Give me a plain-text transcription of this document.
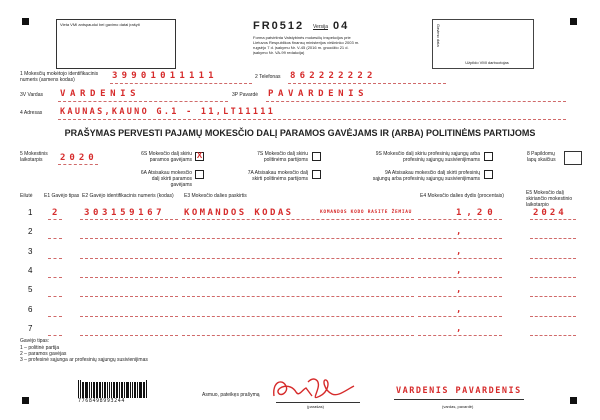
Vieta VMI antspaudui bei gavimo datai įrašyti	FR0512 Versija 04
Forma patvirtinta Valstybinės mokesčių inspekcijos prie Lietuvos Respublikos finansų ministerijos viršininko 2003 m. rugsėjo 7 d. įsakymu Nr. V-45 (2016 m. gruodžio 21 d. įsakymo Nr. VA-99 redakcija)
Gavimo data
Užpildo VMI darbuotojas
1 Mokesčių mokėtojo identifikacinis numeris (asmens kodas)	39901011111	2 Telefonas 862222222
3V Vardas VARDENIS	3P Pavardė PAVARDENIS
4 Adresas KAUNAS,KAUNO G.1 - 11,LT11111
PRAŠYMAS PERVESTI PAJAMŲ MOKESČIO DALĮ PARAMOS GAVĖJAMS IR (ARBA) POLITINĖMS PARTIJOMS
5 Mokestinis laikotarpis	2020	6S Mokesčio dalį skiriu paramos gavėjams X
6A Atsisakau mokesčio dalį skirti paramos gavėjams
7S Mokesčio dalį skiriu politinėms partijoms
7A Atsisakau mokesčio dalį skirti politinėms partijoms
9S Mokesčio dalį skiriu profesinių sąjungų arba profesinių sąjungų susivienijimams
9A Atsisakau mokesčio dalį skirti profesinių sąjungų arba profesinių sąjungų susivienijimams
8 Papildomų lapų skaičius
Eilutė E1 Gavėjo tipas E2 Gavėjo identifikacinis numeris (kodas) E3 Mokesčio dalies paskirtis	E4 Mokesčio dalies dydis (procentais)	E5 Mokesčio dalį skiriančio mokestinio laikotarpio
1 2	303159167 KOMANDOS KODAS	KOMANDOS KODO RASITE ŽEMIAU	1,20	2024
2	,
3	,
4	,
5	,
6	,
7	,
Gavėjo tipas:
1 – politinė partija
2 – paramos gavėjas
3 – profesinė sąjunga ar profesinių sąjungų susivienijimas
7768498993244
Asmuo, pateikęs prašymą
(parašas)
VARDENIS PAVARDENIS
(vardas, pavardė)
